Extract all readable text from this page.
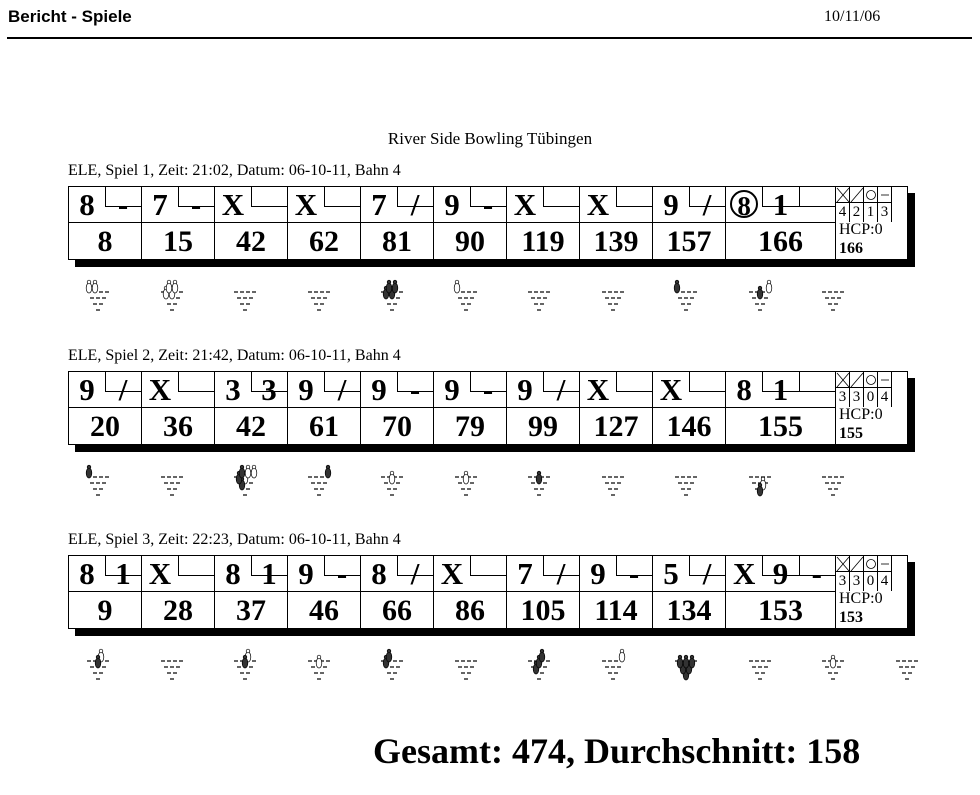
Bericht - Spiele	10/11/06
River Side Bowling Tübingen
ELE, Spiel 1, Zeit: 21:02, Datum: 06-10-11, Bahn 4
8 -
8
7 -
15
X
42
X
62
7 /
81
9 -
90
X
119
X
139
9 /
157
8 1
166
4 2 1 3
HCP:0
166
ELE, Spiel 2, Zeit: 21:42, Datum: 06-10-11, Bahn 4
9 /
20
X
36
3 3
42
9 /
61
9 -
70
9 -
79
9 /
99
X
127
X
146
8 1
155
3 3 0 4
HCP:0
155
ELE, Spiel 3, Zeit: 22:23, Datum: 06-10-11, Bahn 4
8 1
9
X
28
8 1
37
9 -
46
8 /
66
X
86
7 /
105
9 -
114
5 /
134
X 9 -
153
3 3 0 4
HCP:0
153
Gesamt: 474, Durchschnitt: 158
